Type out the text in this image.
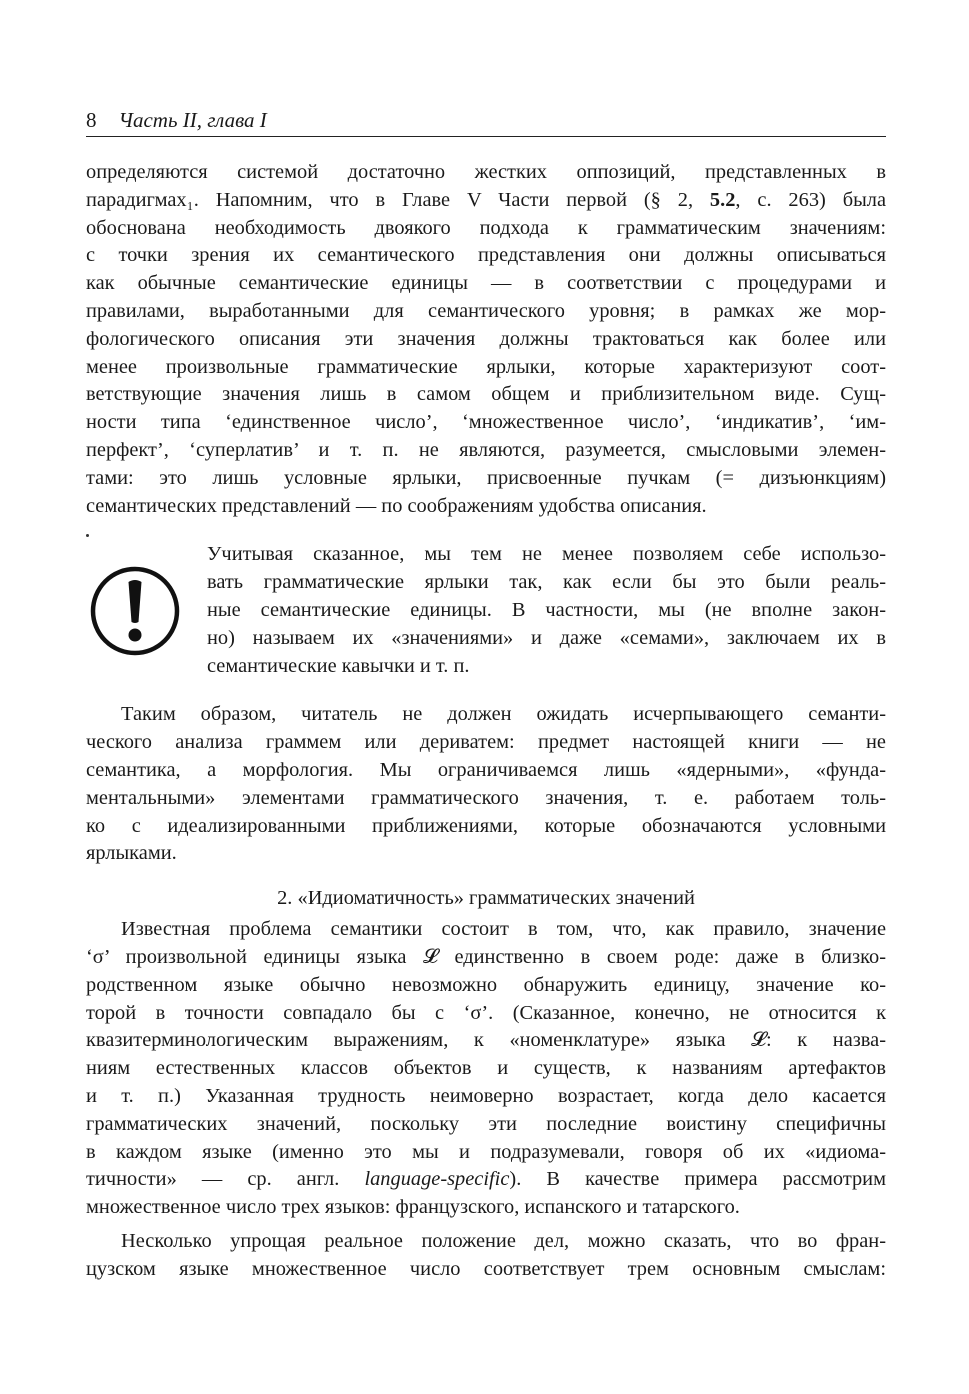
8 Часть II, глава I
определяются системой достаточно жестких оппозиций, представленных в
парадигмах₁. Напомним, что в Главе V Части первой (§ 2, 5.2, с. 263) была
обоснована необходимость двоякого подхода к грамматическим значениям:
с точки зрения их семантического представления они должны описываться
как обычные семантические единицы — в соответствии с процедурами и
правилами, выработанными для семантического уровня; в рамках же мор-
фологического описания эти значения должны трактоваться как более или
менее произвольные грамматические ярлыки, которые характеризуют соот-
ветствующие значения лишь в самом общем и приблизительном виде. Сущ-
ности типа ‘единственное число’, ‘множественное число’, ‘индикатив’, ‘им-
перфект’, ‘суперлатив’ и т. п. не являются, разумеется, смысловыми элемен-
тами: это лишь условные ярлыки, присвоенные пучкам (= дизъюнкциям)
семантических представлений — по соображениям удобства описания.
Учитывая сказанное, мы тем не менее позволяем себе использо-
вать грамматические ярлыки так, как если бы это были реаль-
ные семантические единицы. В частности, мы (не вполне закон-
но) называем их «значениями» и даже «семами», заключаем их в
семантические кавычки и т. п.
Таким образом, читатель не должен ожидать исчерпывающего семанти-
ческого анализа граммем или дериватем: предмет настоящей книги — не
семантика, а морфология. Мы ограничиваемся лишь «ядерными», «фунда-
ментальными» элементами грамматического значения, т. е. работаем толь-
ко с идеализированными приближениями, которые обозначаются условными
ярлыками.
2. «Идиоматичность» грамматических значений
Известная проблема семантики состоит в том, что, как правило, значение
‘σ’ произвольной единицы языка 𝓛 единственно в своем роде: даже в близко-
родственном языке обычно невозможно обнаружить единицу, значение ко-
торой в точности совпадало бы с ‘σ’. (Сказанное, конечно, не относится к
квазитерминологическим выражениям, к «номенклатуре» языка 𝓛: к назва-
ниям естественных классов объектов и существ, к названиям артефактов
и т. п.) Указанная трудность неимоверно возрастает, когда дело касается
грамматических значений, поскольку эти последние воистину специфичны
в каждом языке (именно это мы и подразумевали, говоря об их «идиома-
тичности» — ср. англ. language-specific). В качестве примера рассмотрим
множественное число трех языков: французского, испанского и татарского.
Несколько упрощая реальное положение дел, можно сказать, что во фран-
цузском языке множественное число соответствует трем основным смыслам:
